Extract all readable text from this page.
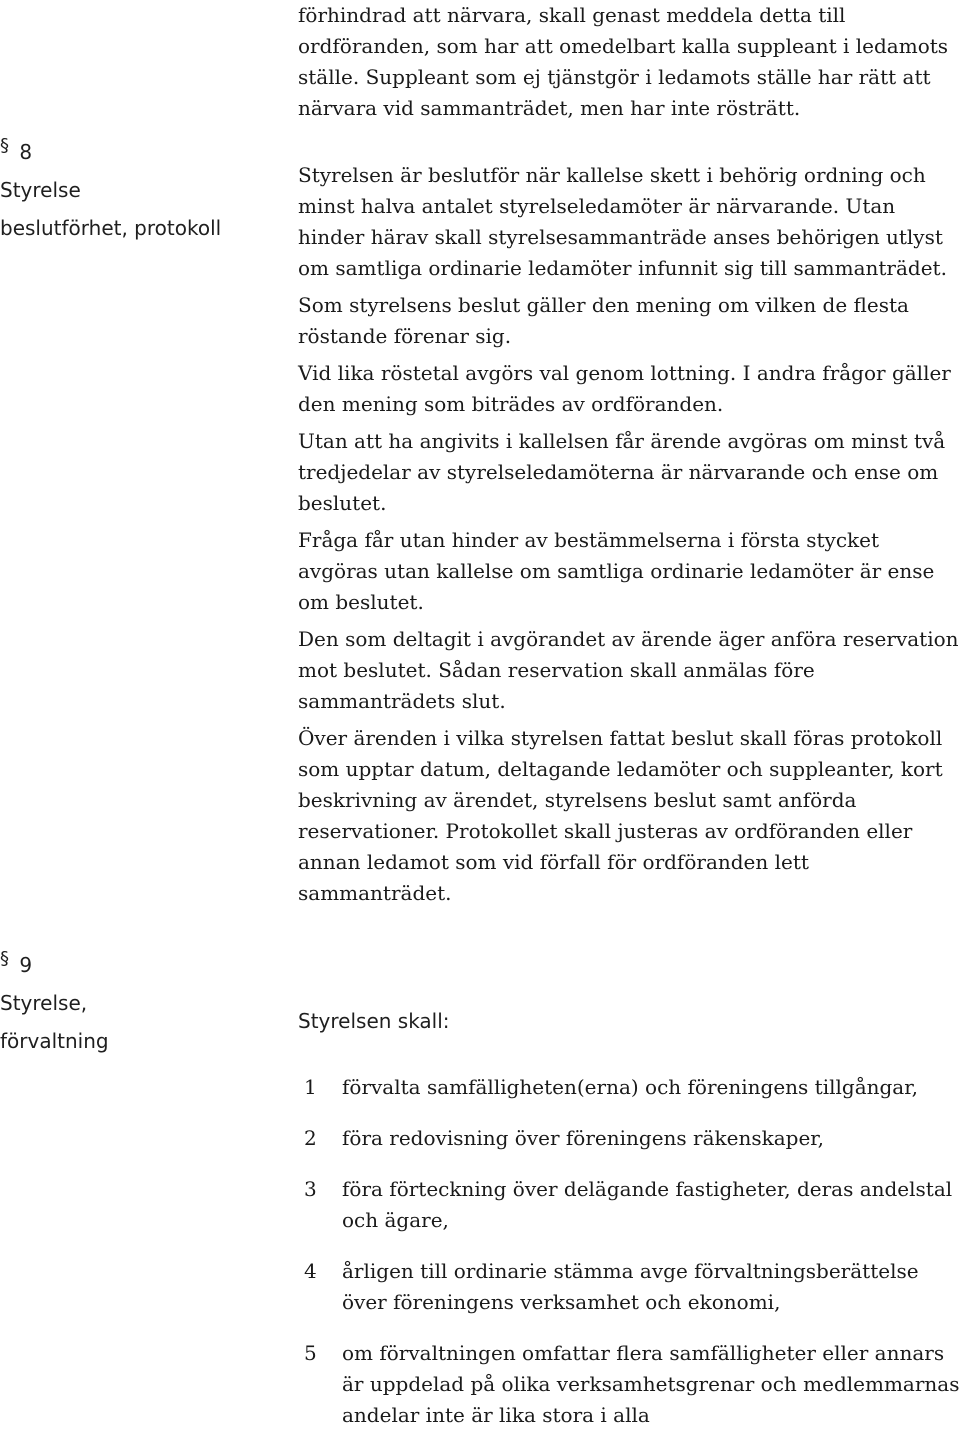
§ 8
Styrelse
beslutförhet, protokoll
§ 9
Styrelse,
förvaltning

förhindrad att närvara, skall genast meddela detta till ordföranden, som har att omedelbart kalla suppleant i ledamots ställe. Suppleant som ej tjänstgör i ledamots ställe har rätt att närvara vid sammanträdet, men har inte rösträtt.

Styrelsen är beslutför när kallelse skett i behörig ordning och minst halva antalet styrelseledamöter är närvarande. Utan hinder härav skall styrelsesammanträde anses behörigen utlyst om samtliga ordinarie ledamöter infunnit sig till sammanträdet.

Som styrelsens beslut gäller den mening om vilken de flesta röstande förenar sig.

Vid lika röstetal avgörs val genom lottning. I andra frågor gäller den mening som biträdes av ordföranden.

Utan att ha angivits i kallelsen får ärende avgöras om minst två tredjedelar av styrelseledamöterna är närvarande och ense om beslutet.

Fråga får utan hinder av bestämmelserna i första stycket avgöras utan kallelse om samtliga ordinarie ledamöter är ense om beslutet.

Den som deltagit i avgörandet av ärende äger anföra reservation mot beslutet. Sådan reservation skall anmälas före sammanträdets slut.

Över ärenden i vilka styrelsen fattat beslut skall föras protokoll som upptar datum, deltagande ledamöter och suppleanter, kort beskrivning av ärendet, styrelsens beslut samt anförda reservationer. Protokollet skall justeras av ordföranden eller annan ledamot som vid förfall för ordföranden lett sammanträdet.

Styrelsen skall:
1	förvalta samfälligheten(erna) och föreningens tillgångar,
2	föra redovisning över föreningens räkenskaper,
3	föra förteckning över delägande fastigheter, deras andelstal och ägare,
4	årligen till ordinarie stämma avge förvaltningsberättelse över föreningens verksamhet och ekonomi,
5	om förvaltningen omfattar flera samfälligheter eller annars är uppdelad på olika verksamhetsgrenar och medlemmarnas andelar inte är lika stora i alla
